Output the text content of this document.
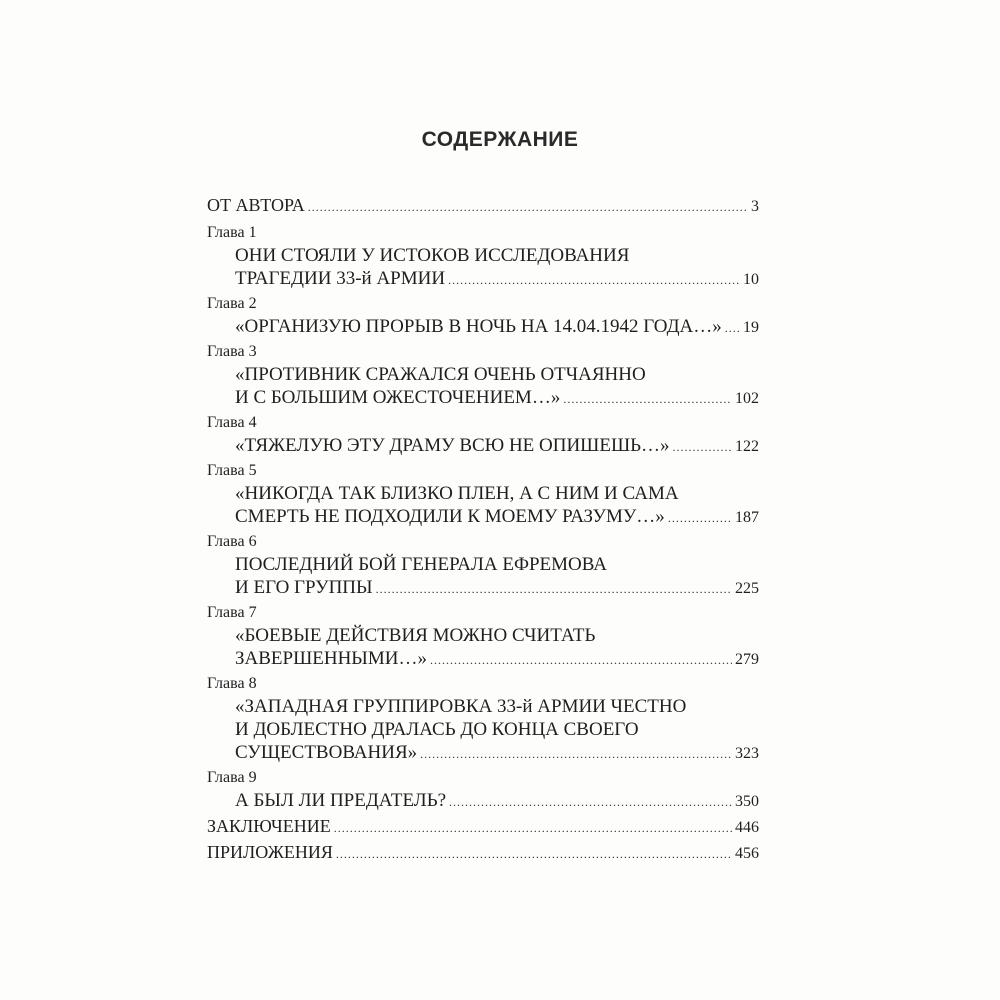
СОДЕРЖАНИЕ
ОТ АВТОРА .....	3
Глава 1
ОНИ СТОЯЛИ У ИСТОКОВ ИССЛЕДОВАНИЯ
ТРАГЕДИИ 33-й АРМИИ .....	10
Глава 2
«ОРГАНИЗУЮ ПРОРЫВ В НОЧЬ НА 14.04.1942 ГОДА…» ..... 19
Глава 3
«ПРОТИВНИК СРАЖАЛСЯ ОЧЕНЬ ОТЧАЯННО
И С БОЛЬШИМ ОЖЕСТОЧЕНИЕМ…» .....	102
Глава 4
«ТЯЖЕЛУЮ ЭТУ ДРАМУ ВСЮ НЕ ОПИШЕШЬ…» .....	122
Глава 5
«НИКОГДА ТАК БЛИЗКО ПЛЕН, А С НИМ И САМА
СМЕРТЬ НЕ ПОДХОДИЛИ К МОЕМУ РАЗУМУ…» .....	187
Глава 6
ПОСЛЕДНИЙ БОЙ ГЕНЕРАЛА ЕФРЕМОВА
И ЕГО ГРУППЫ .....	225
Глава 7
«БОЕВЫЕ ДЕЙСТВИЯ МОЖНО СЧИТАТЬ
ЗАВЕРШЕННЫМИ…» .....	279
Глава 8
«ЗАПАДНАЯ ГРУППИРОВКА 33-й АРМИИ ЧЕСТНО
И ДОБЛЕСТНО ДРАЛАСЬ ДО КОНЦА СВОЕГО
СУЩЕСТВОВАНИЯ» .....	323
Глава 9
А БЫЛ ЛИ ПРЕДАТЕЛЬ? .....	350
ЗАКЛЮЧЕНИЕ .....	446
ПРИЛОЖЕНИЯ .....	456
